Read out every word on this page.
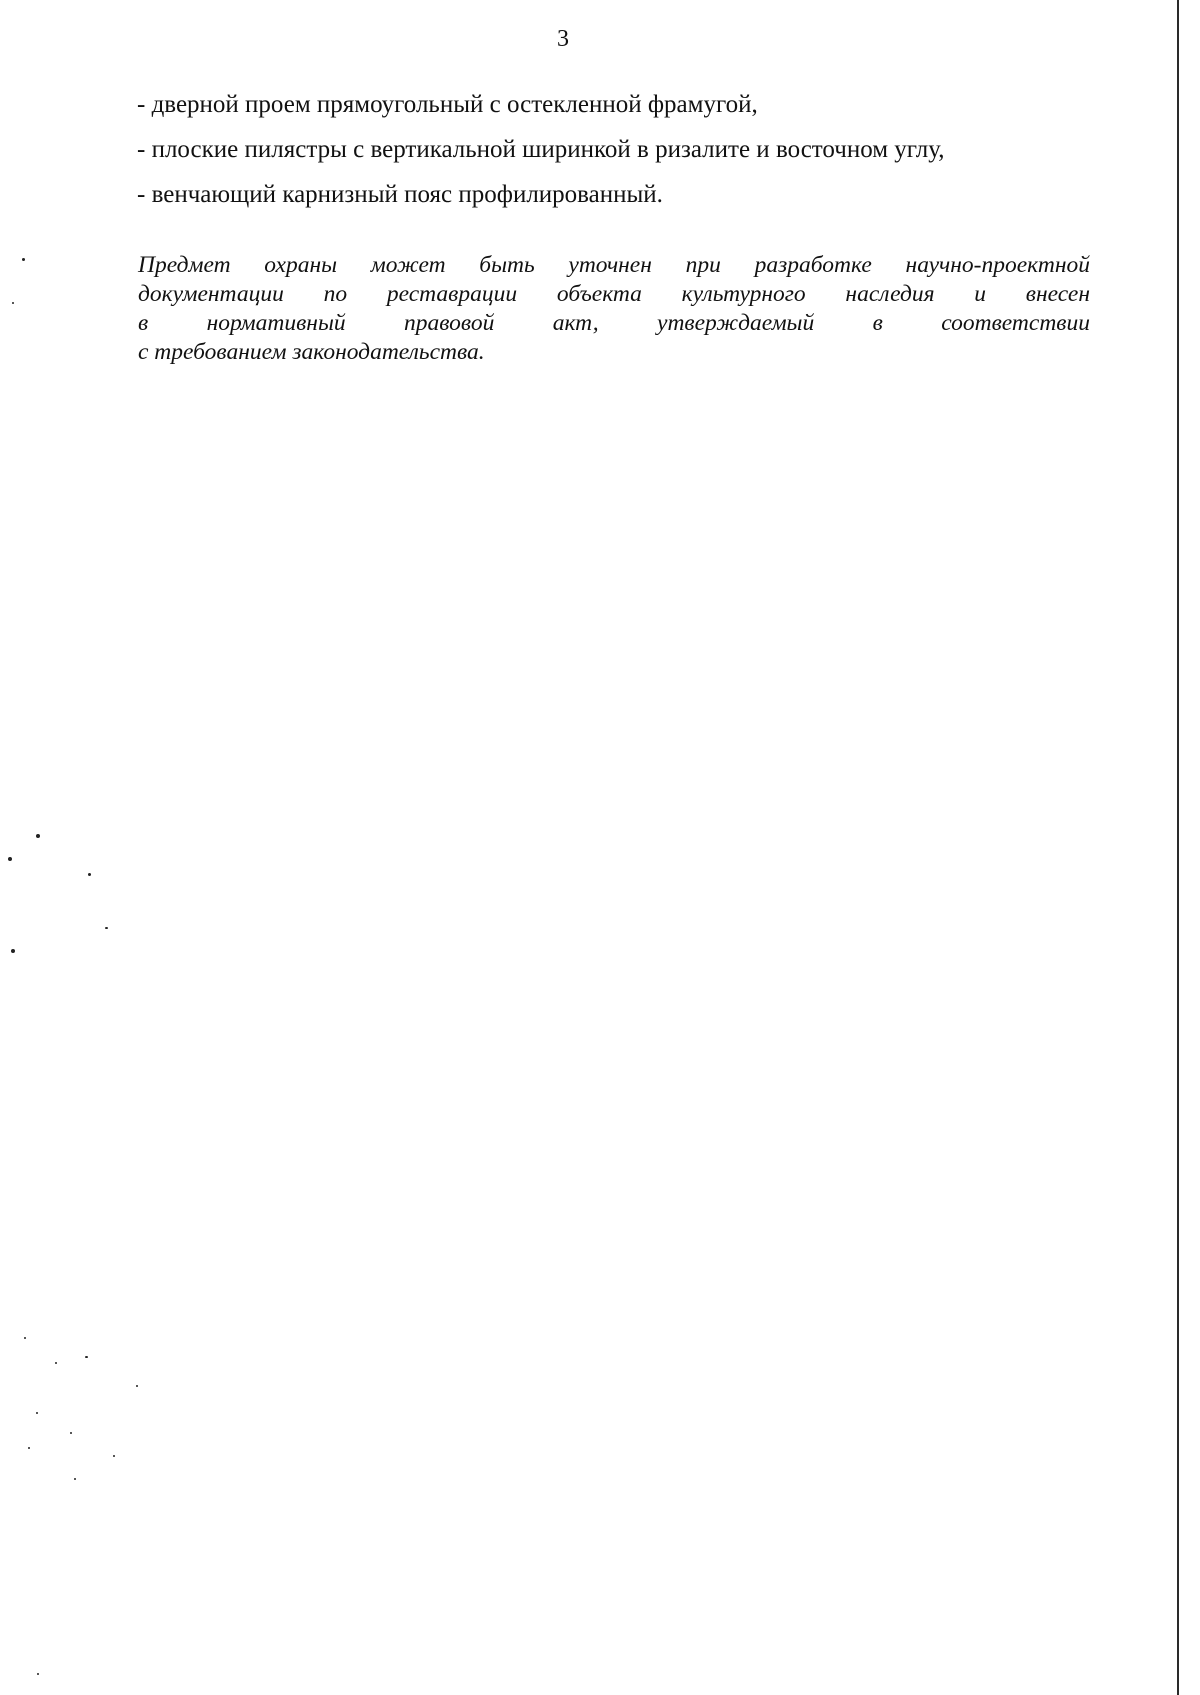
3
- дверной проем прямоугольный с остекленной фрамугой,
- плоские пилястры с вертикальной ширинкой в ризалите и восточном углу,
- венчающий карнизный пояс профилированный.

Предмет охраны может быть уточнен при разработке научно-проектной
документации по реставрации объекта культурного наследия и внесен
в нормативный правовой акт, утверждаемый в соответствии
с требованием законодательства.
